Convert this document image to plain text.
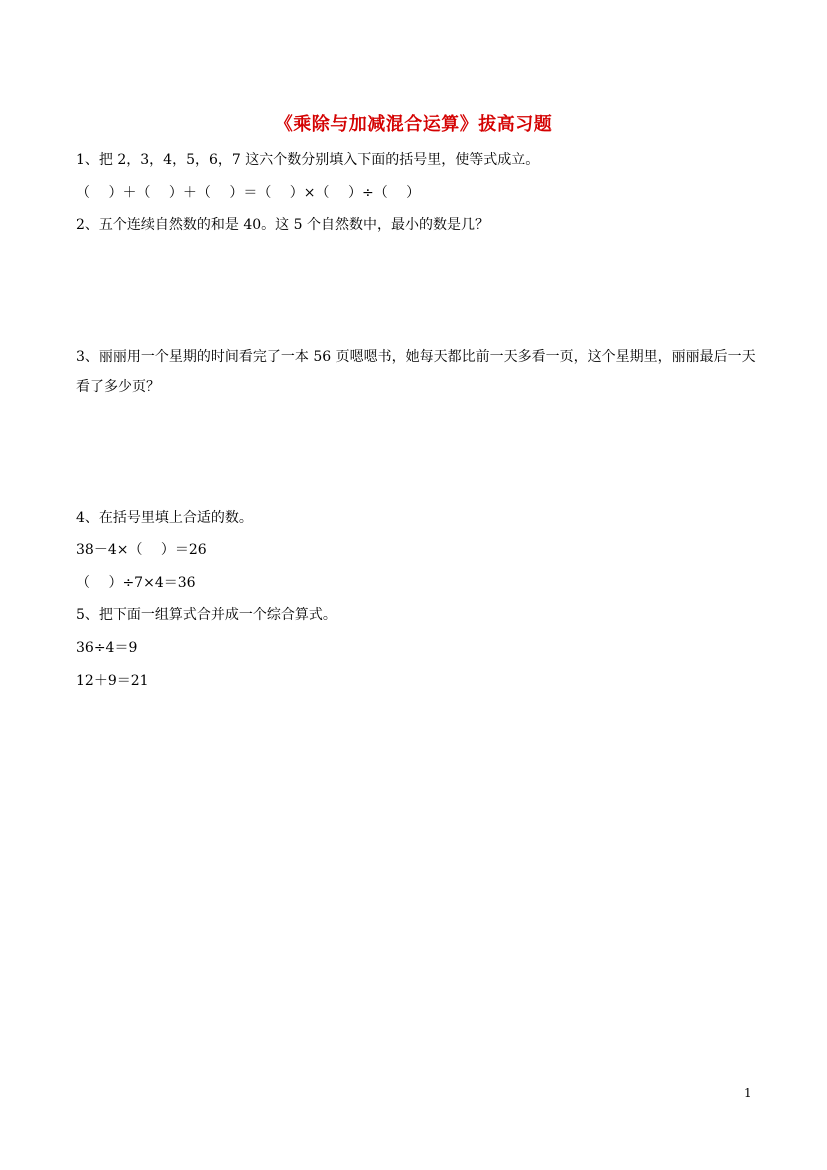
《乘除与加减混合运算》拔高习题
1、把 2，3，4，5，6，7 这六个数分别填入下面的括号里，使等式成立。
（　 ）＋（　 ）＋（　 ）＝（　 ）×（　 ）÷（　 ）
2、五个连续自然数的和是 40。这 5 个自然数中，最小的数是几？
3、丽丽用一个星期的时间看完了一本 56 页嗯嗯书，她每天都比前一天多看一页，这个星期里，丽丽最后一天看了多少页？
4、在括号里填上合适的数。
38－4×（　 ）＝26
（　 ）÷7×4＝36
5、把下面一组算式合并成一个综合算式。
36÷4＝9
12＋9＝21
1
